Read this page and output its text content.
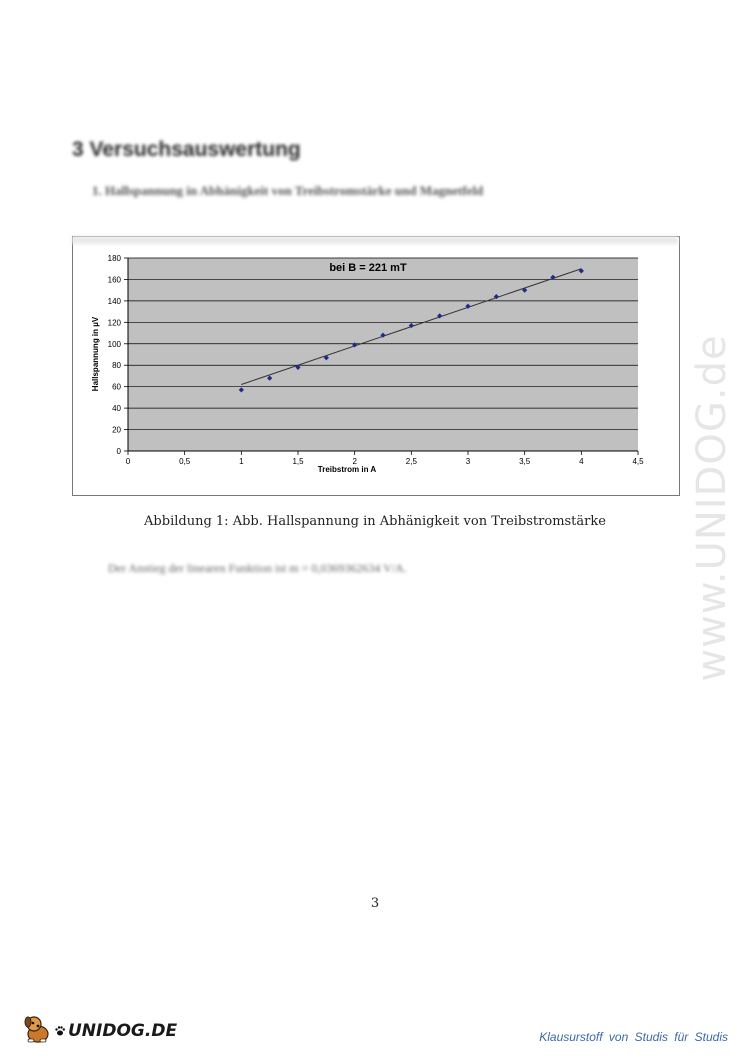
3 Versuchsauswertung
1. Hallspannung in Abhänigkeit von Treibstromstärke und Magnetfeld
0	0,5	1	1,5	2	2,5	3	3,5	4	4,5
0
20
40
60
80
100
120
140
160
180
bei B = 221 mT
Treibstrom in A
Hallspannung in µV
Abbildung 1: Abb. Hallspannung in Abhänigkeit von Treibstromstärke
Der Anstieg der linearen Funktion ist m = 0,0369362634 V/A.
3
www.UNIDOG.de
UNIDOG.DE	Klausurstoff von Studis für Studis
